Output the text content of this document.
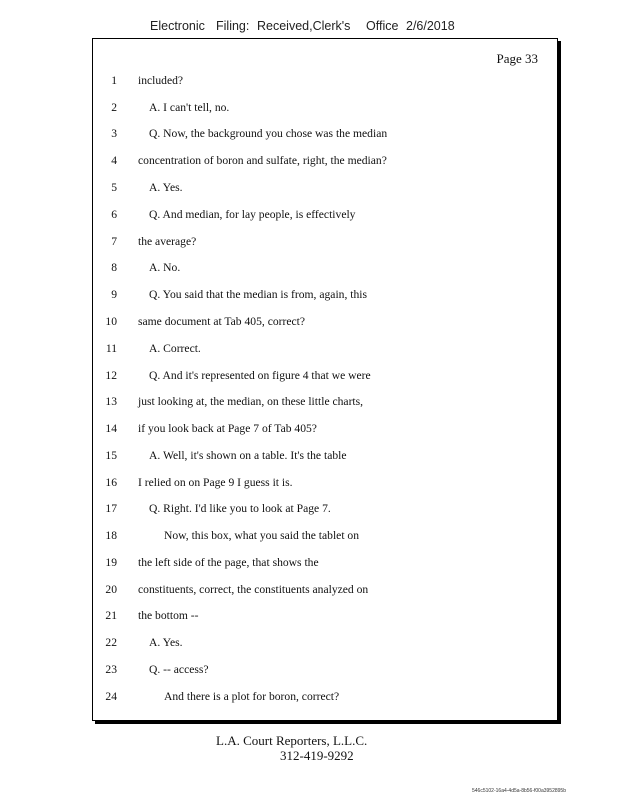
Electronic Filing: Received,Clerk's Office 2/6/2018
Page 33
1 included?
2	A. I can't tell, no.
3	Q. Now, the background you chose was the median
4 concentration of boron and sulfate, right, the median?
5	A. Yes.
6	Q. And median, for lay people, is effectively
7 the average?
8	A. No.
9	Q. You said that the median is from, again, this
10 same document at Tab 405, correct?
11	A. Correct.
12	Q. And it's represented on figure 4 that we were
13 just looking at, the median, on these little charts,
14 if you look back at Page 7 of Tab 405?
15	A. Well, it's shown on a table. It's the table
16 I relied on on Page 9 I guess it is.
17	Q. Right. I'd like you to look at Page 7.
18	Now, this box, what you said the tablet on
19 the left side of the page, that shows the
20 constituents, correct, the constituents analyzed on
21 the bottom --
22	A. Yes.
23	Q. -- access?
24	And there is a plot for boron, correct?
L.A. Court Reporters, L.L.C.
312-419-9292
546c5102-16a4-4d5a-8b56-f00a3952895b
